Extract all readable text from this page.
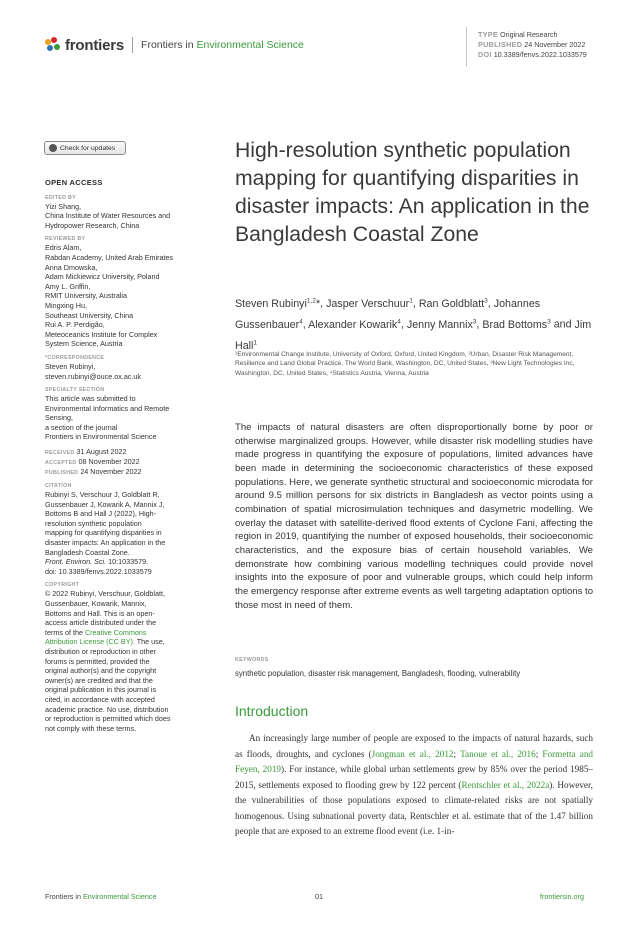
frontiers Frontiers in Environmental Science
TYPE Original Research
PUBLISHED 24 November 2022
DOI 10.3389/fenvs.2022.1033579
Check for updates
OPEN ACCESS
EDITED BY
Yizi Shang,
China Institute of Water Resources and
Hydropower Research, China
REVIEWED BY
Edris Alam,
Rabdan Academy, United Arab Emirates
Anna Dmowska,
Adam Mickiewicz University, Poland
Amy L. Griffin,
RMIT University, Australia
Mingxing Hu,
Southeast University, China
Rui A. P. Perdigão,
Meteoceanics Institute for Complex
System Science, Austria
*CORRESPONDENCE
Steven Rubinyi,
steven.rubinyi@ouce.ox.ac.uk
SPECIALTY SECTION
This article was submitted to
Environmental Informatics and Remote
Sensing,
a section of the journal
Frontiers in Environmental Science
RECEIVED 31 August 2022
ACCEPTED 08 November 2022
PUBLISHED 24 November 2022
CITATION
Rubinyi S, Verschuur J, Goldblatt R,
Gussenbauer J, Kowarik A, Mannix J,
Bottoms B and Hall J (2022), High-
resolution synthetic population
mapping for quantifying disparities in
disaster impacts: An application in the
Bangladesh Coastal Zone.
Front. Environ. Sci. 10:1033579.
doi: 10.3389/fenvs.2022.1033579
COPYRIGHT
© 2022 Rubinyi, Verschuur, Goldblatt,
Gussenbauer, Kowarik, Mannix,
Bottoms and Hall. This is an open-
access article distributed under the
terms of the Creative Commons
Attribution License (CC BY). The use,
distribution or reproduction in other
forums is permitted, provided the
original author(s) and the copyright
owner(s) are credited and that the
original publication in this journal is
cited, in accordance with accepted
academic practice. No use, distribution
or reproduction is permitted which does
not comply with these terms.
High-resolution synthetic population mapping for quantifying disparities in disaster impacts: An application in the Bangladesh Coastal Zone
Steven Rubinyi$^{1,2}$*, Jasper Verschuur$^1$, Ran Goldblatt$^3$, Johannes Gussenbauer$^4$, Alexander Kowarik$^4$, Jenny Mannix$^3$, Brad Bottoms$^3$ and Jim Hall$^1$
¹Environmental Change Institute, University of Oxford, Oxford, United Kingdom, ²Urban, Disaster Risk Management, Resilience and Land Global Practice, The World Bank, Washington, DC, United States, ³New Light Technologies Inc, Washington, DC, United States, ⁴Statistics Austria, Vienna, Austria
The impacts of natural disasters are often disproportionally borne by poor or otherwise marginalized groups. However, while disaster risk modelling studies have made progress in quantifying the exposure of populations, limited advances have been made in determining the socioeconomic characteristics of these exposed populations. Here, we generate synthetic structural and socioeconomic microdata for around 9.5 million persons for six districts in Bangladesh as vector points using a combination of spatial microsimulation techniques and dasymetric modelling. We overlay the dataset with satellite-derived flood extents of Cyclone Fani, affecting the region in 2019, quantifying the number of exposed households, their socioeconomic characteristics, and the exposure bias of certain household variables. We demonstrate how combining various modelling techniques could provide novel insights into the exposure of poor and vulnerable groups, which could help inform the emergency response after extreme events as well targeting adaptation options to those most in need of them.
KEYWORDS
synthetic population, disaster risk management, Bangladesh, flooding, vulnerability
Introduction

An increasingly large number of people are exposed to the impacts of natural hazards, such as floods, droughts, and cyclones (Jongman et al., 2012; Tanoue et al., 2016; Formetta and Feyen, 2019). For instance, while global urban settlements grew by 85% over the period 1985–2015, settlements exposed to flooding grew by 122 percent (Rentschler et al., 2022a). However, the vulnerabilities of those populations exposed to climate-related risks are not spatially homogenous. Using subnational poverty data, Rentschler et al. estimate that of the 1.47 billion people that are exposed to an extreme flood event (i.e. 1-in-

Frontiers in Environmental Science	01	frontiersin.org
